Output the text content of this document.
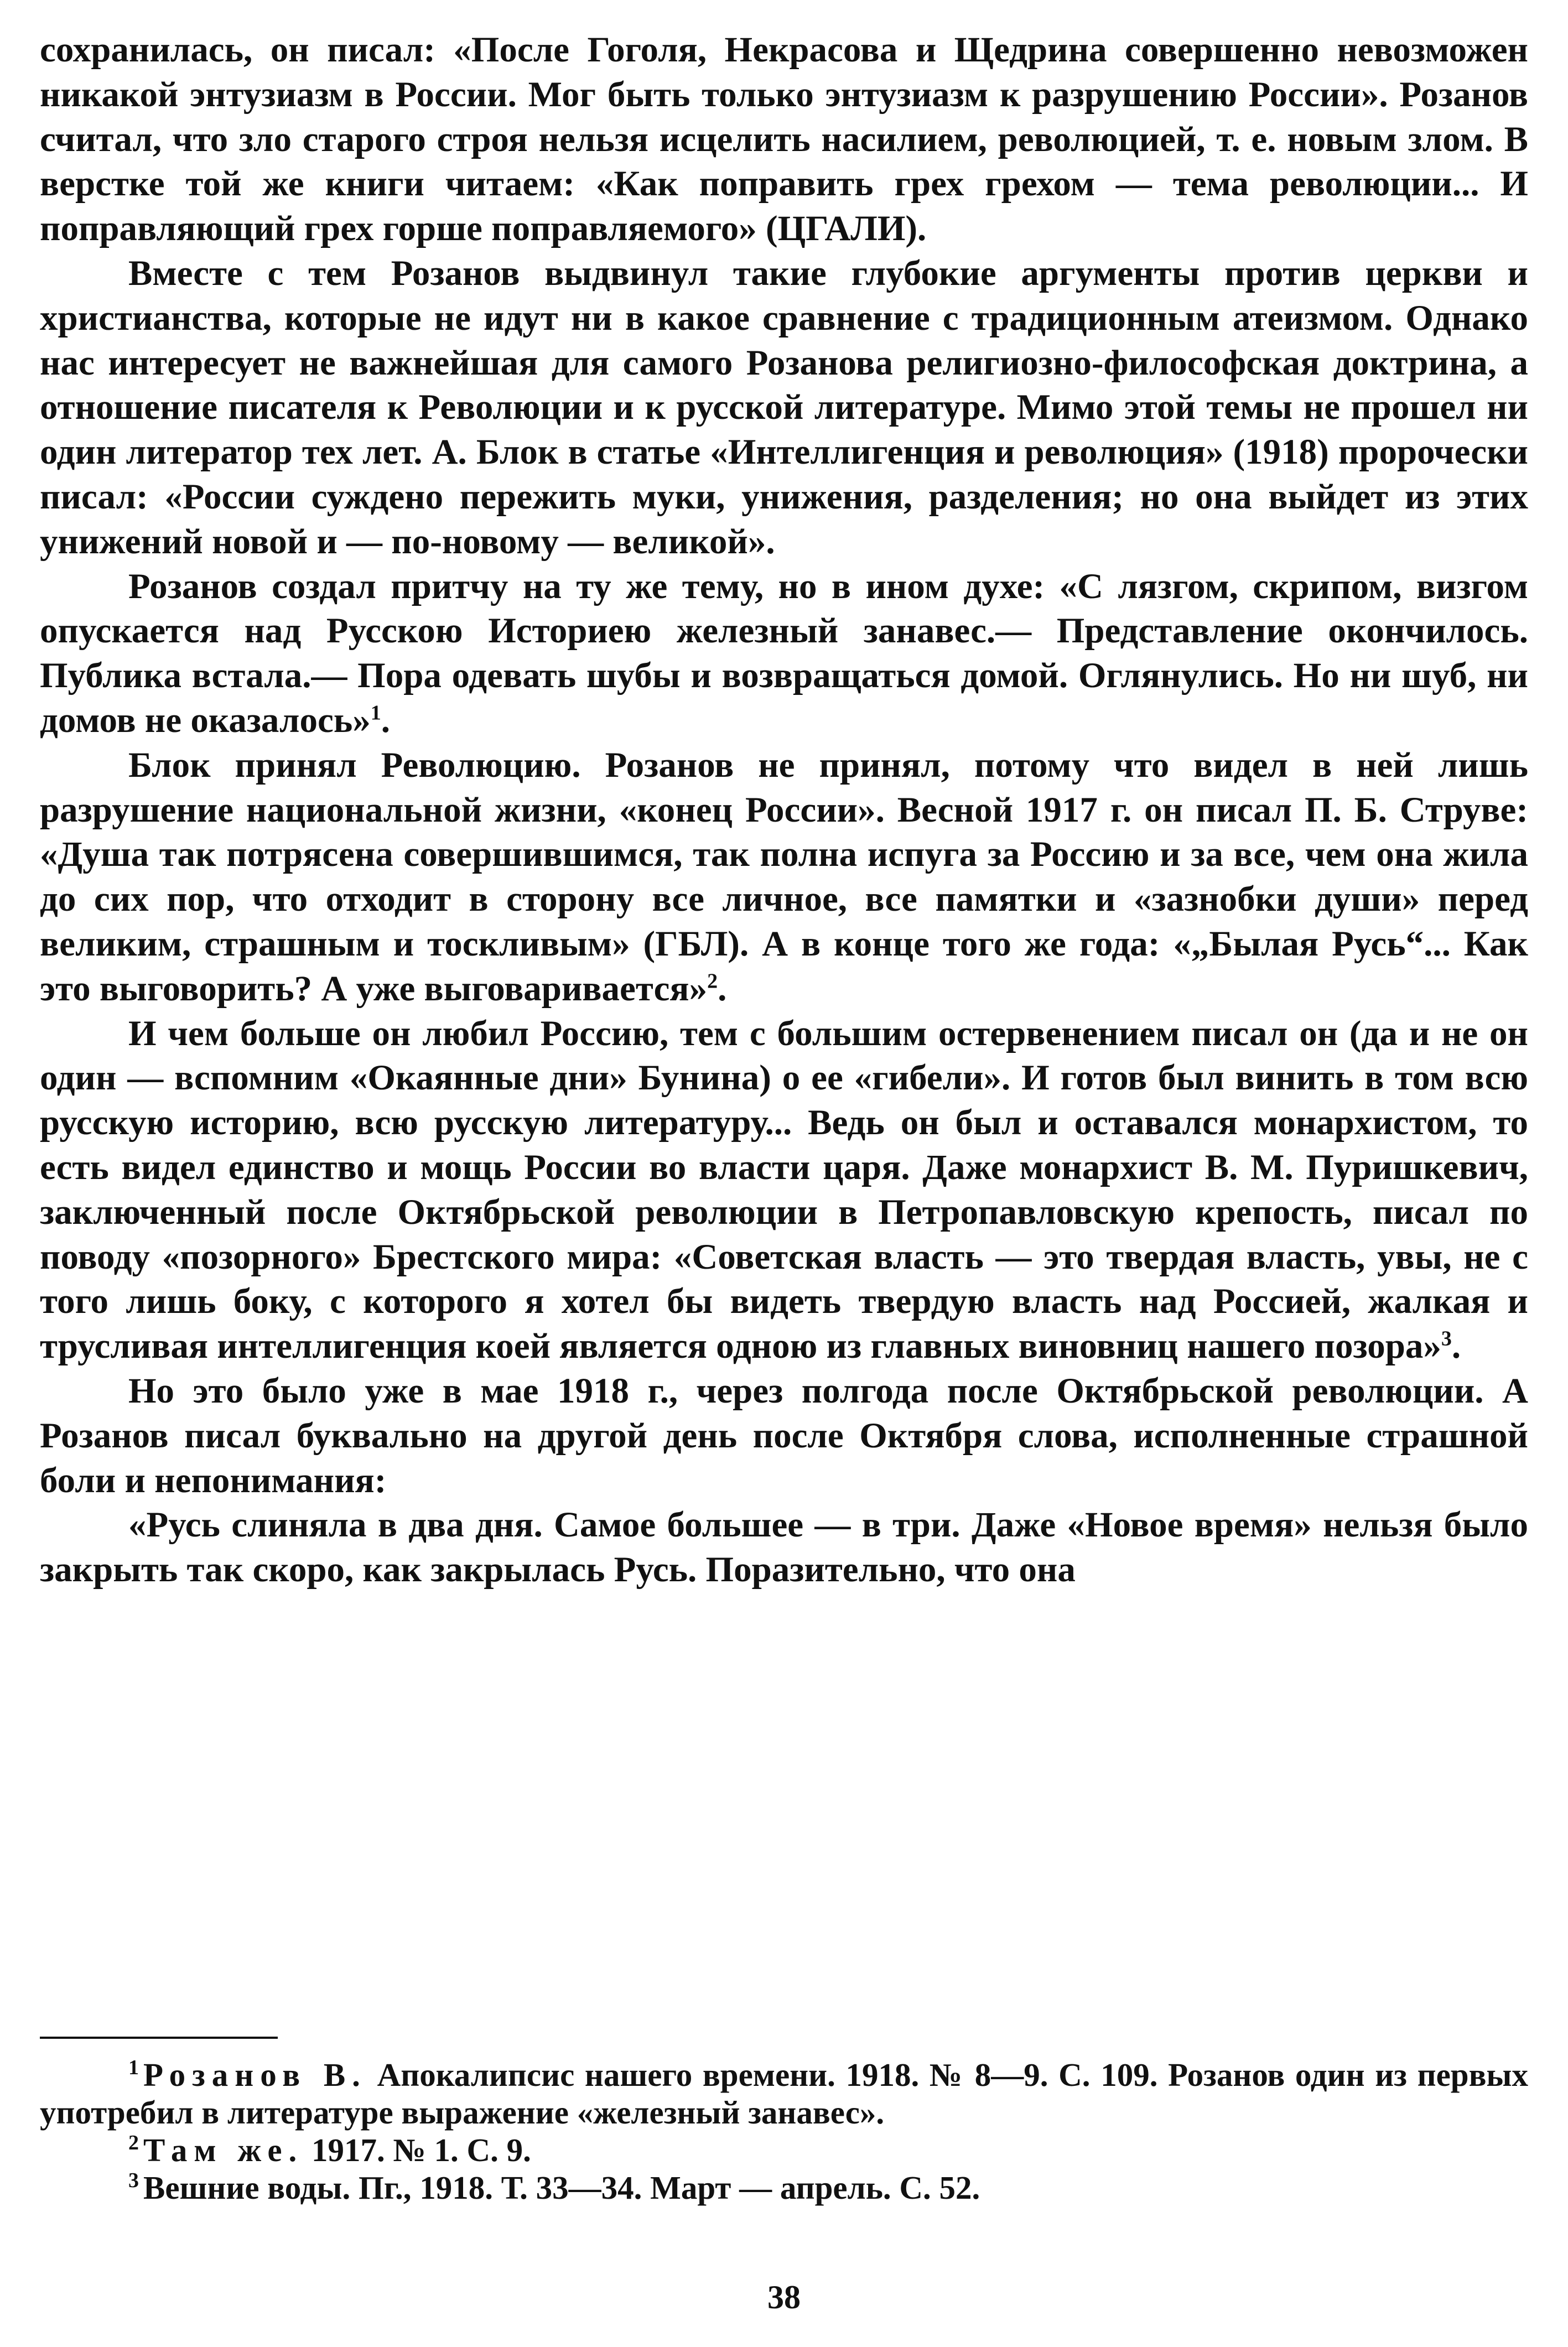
сохранилась, он писал: «После Гоголя, Некрасова и Щедрина совершенно невозможен никакой энтузиазм в России. Мог быть только энтузиазм к разрушению России». Розанов считал, что зло старого строя нельзя исцелить насилием, революцией, т. е. новым злом. В верстке той же книги читаем: «Как поправить грех грехом — тема революции... И поправляющий грех горше поправляемого» (ЦГАЛИ).

Вместе с тем Розанов выдвинул такие глубокие аргументы против церкви и христианства, которые не идут ни в какое сравнение с традиционным атеизмом. Однако нас интересует не важнейшая для самого Розанова религиозно-философская доктрина, а отношение писателя к Революции и к русской литературе. Мимо этой темы не прошел ни один литератор тех лет. А. Блок в статье «Интеллигенция и революция» (1918) пророчески писал: «России суждено пережить муки, унижения, разделения; но она выйдет из этих унижений новой и — по-новому — великой».

Розанов создал притчу на ту же тему, но в ином духе: «С лязгом, скрипом, визгом опускается над Русскою Историею железный занавес.— Представление окончилось. Публика встала.— Пора одевать шубы и возвращаться домой. Оглянулись. Но ни шуб, ни домов не оказалось»$^1$.

Блок принял Революцию. Розанов не принял, потому что видел в ней лишь разрушение национальной жизни, «конец России». Весной 1917 г. он писал П. Б. Струве: «Душа так потрясена совершившимся, так полна испуга за Россию и за все, чем она жила до сих пор, что отходит в сторону все личное, все памятки и «зазнобки души» перед великим, страшным и тоскливым» (ГБЛ). А в конце того же года: «„Былая Русь“... Как это выговорить? А уже выговаривается»$^2$.

И чем больше он любил Россию, тем с большим остервенением писал он (да и не он один — вспомним «Окаянные дни» Бунина) о ее «гибели». И готов был винить в том всю русскую историю, всю русскую литературу... Ведь он был и оставался монархистом, то есть видел единство и мощь России во власти царя. Даже монархист В. М. Пуришкевич, заключенный после Октябрьской революции в Петропавловскую крепость, писал по поводу «позорного» Брестского мира: «Советская власть — это твердая власть, увы, не с того лишь боку, с которого я хотел бы видеть твердую власть над Россией, жалкая и трусливая интеллигенция коей является одною из главных виновниц нашего позора»$^3$.

Но это было уже в мае 1918 г., через полгода после Октябрьской революции. А Розанов писал буквально на другой день после Октября слова, исполненные страшной боли и непонимания:

«Русь слиняла в два дня. Самое большее — в три. Даже «Новое время» нельзя было закрыть так скоро, как закрылась Русь. Поразительно, что она

$^1$ Розанов В. Апокалипсис нашего времени. 1918. № 8—9. С. 109. Розанов один из первых употребил в литературе выражение «железный занавес».

$^2$ Там же. 1917. № 1. С. 9.

$^3$ Вешние воды. Пг., 1918. Т. 33—34. Март — апрель. С. 52.

38
